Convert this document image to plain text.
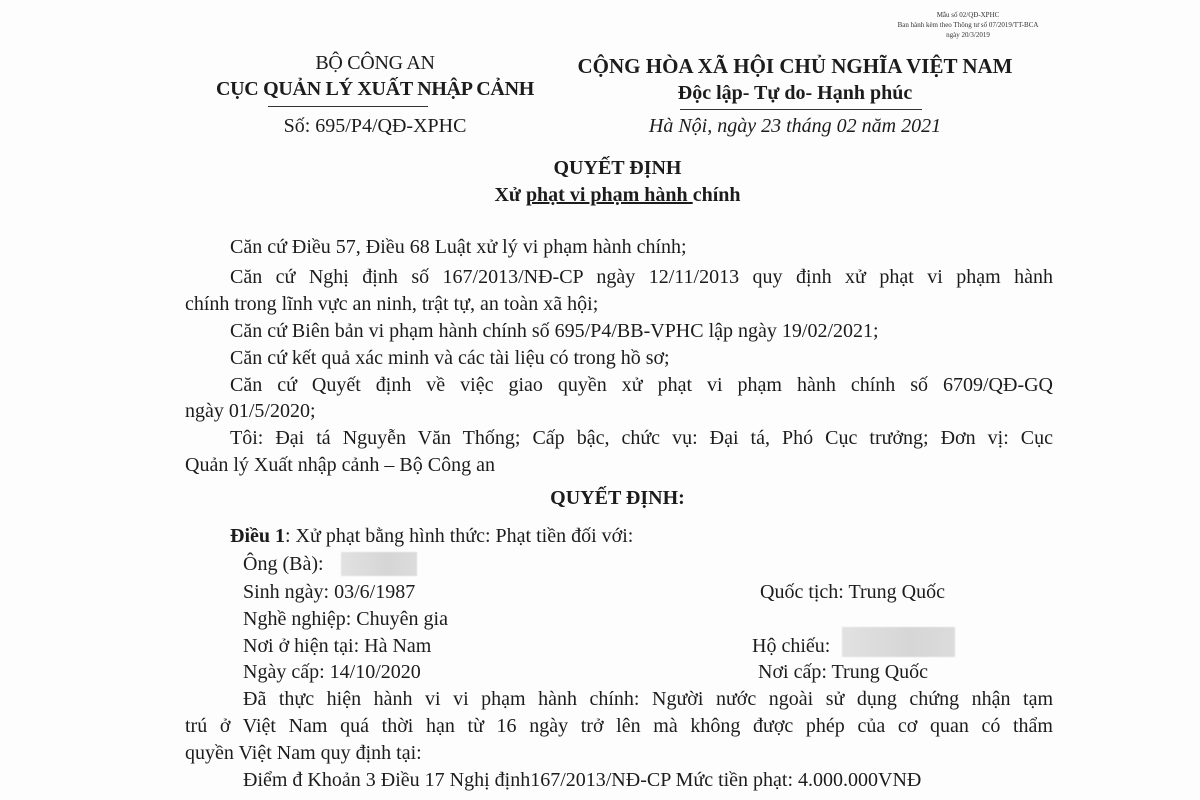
Mẫu số 02/QĐ-XPHC
Ban hành kèm theo Thông tư số 07/2019/TT-BCA
ngày 20/3/2019
BỘ CÔNG AN
CỤC QUẢN LÝ XUẤT NHẬP CẢNH
Số: 695/P4/QĐ-XPHC
CỘNG HÒA XÃ HỘI CHỦ NGHĨA VIỆT NAM
Độc lập- Tự do- Hạnh phúc
Hà Nội, ngày 23 tháng 02 năm 2021
QUYẾT ĐỊNH
Xử phạt vi phạm hành chính
Căn cứ Điều 57, Điều 68 Luật xử lý vi phạm hành chính;
Căn cứ Nghị định số 167/2013/NĐ-CP ngày 12/11/2013 quy định xử phạt vi phạm hành
chính trong lĩnh vực an ninh, trật tự, an toàn xã hội;
Căn cứ Biên bản vi phạm hành chính số 695/P4/BB-VPHC lập ngày 19/02/2021;
Căn cứ kết quả xác minh và các tài liệu có trong hồ sơ;
Căn cứ Quyết định về việc giao quyền xử phạt vi phạm hành chính số 6709/QĐ-GQ
ngày 01/5/2020;
Tôi: Đại tá Nguyễn Văn Thống; Cấp bậc, chức vụ: Đại tá, Phó Cục trưởng; Đơn vị: Cục
Quản lý Xuất nhập cảnh – Bộ Công an
QUYẾT ĐỊNH:
Điều 1: Xử phạt bằng hình thức: Phạt tiền đối với:
Ông (Bà):
Sinh ngày: 03/6/1987	Quốc tịch: Trung Quốc
Nghề nghiệp: Chuyên gia
Nơi ở hiện tại: Hà Nam	Hộ chiếu:
Ngày cấp: 14/10/2020	Nơi cấp: Trung Quốc
Đã thực hiện hành vi vi phạm hành chính: Người nước ngoài sử dụng chứng nhận tạm
trú ở Việt Nam quá thời hạn từ 16 ngày trở lên mà không được phép của cơ quan có thẩm
quyền Việt Nam quy định tại:
Điểm đ Khoản 3 Điều 17 Nghị định167/2013/NĐ-CP Mức tiền phạt: 4.000.000VNĐ
